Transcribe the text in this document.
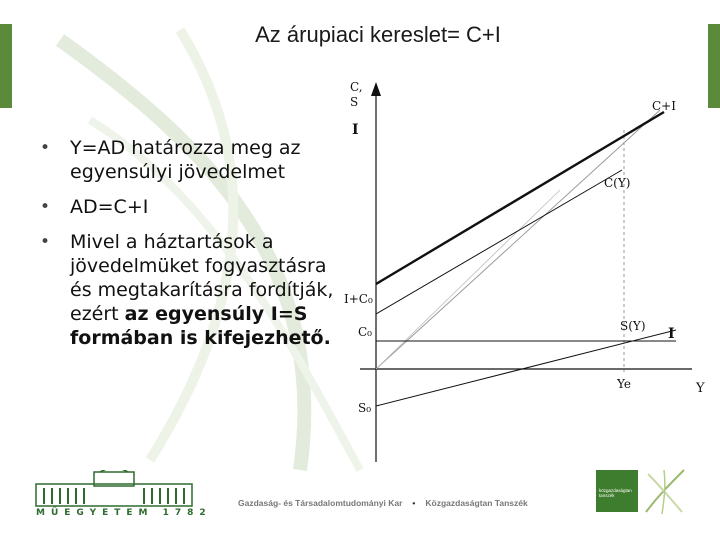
Az árupiaci kereslet= C+I
• Y=AD határozza meg az egyensúlyi jövedelmet
• AD=C+I
• Mivel a háztartások a jövedelmüket fogyasztásra és megtakarításra fordítják, ezért az egyensúly I=S formában is kifejezhető.
C,
S
I
C+I
C(Y)
S(Y) I
I+C₀
C₀
S₀
Ye	Y
MŰEGYETEM 1782
Gazdaság- és Társadalomtudományi Kar • Közgazdaságtan Tanszék
közgazdaságtan
tanszék
